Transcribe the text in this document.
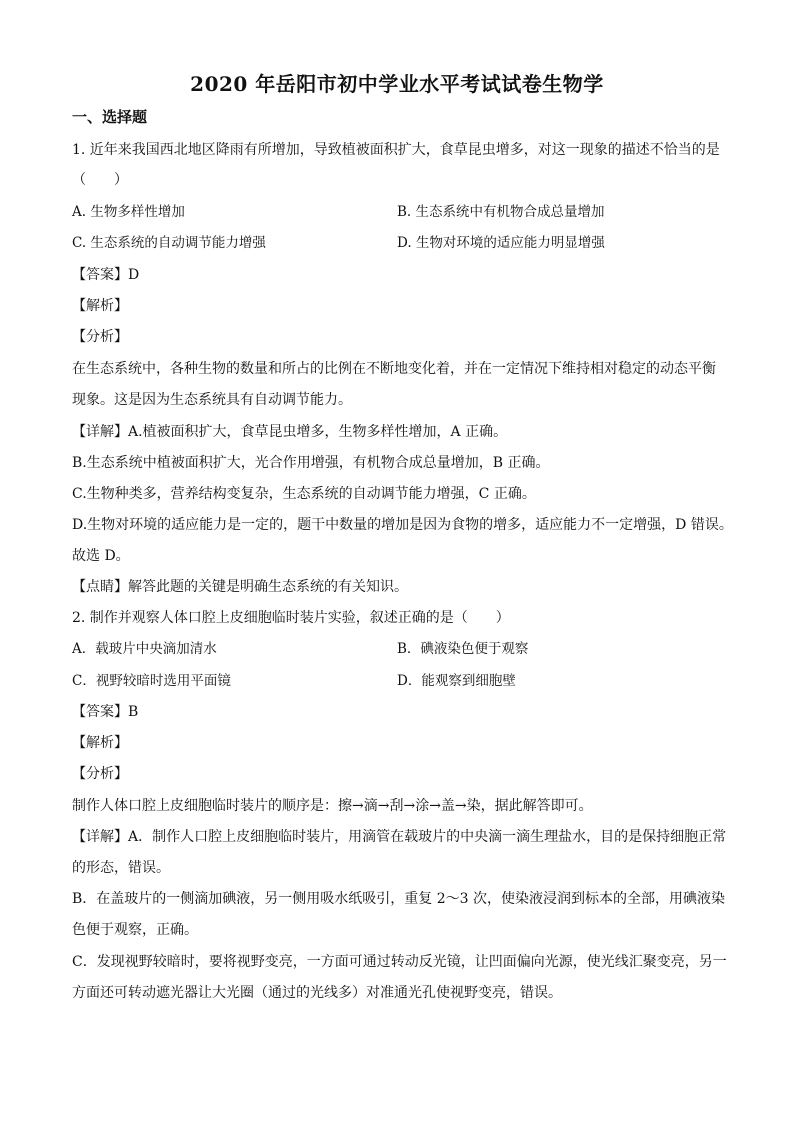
2020 年岳阳市初中学业水平考试试卷生物学
一、选择题
1. 近年来我国西北地区降雨有所增加，导致植被面积扩大，食草昆虫增多，对这一现象的描述不恰当的是
（　　）
A. 生物多样性增加	B. 生态系统中有机物合成总量增加
C. 生态系统的自动调节能力增强	D. 生物对环境的适应能力明显增强
【答案】D
【解析】
【分析】
在生态系统中，各种生物的数量和所占的比例在不断地变化着，并在一定情况下维持相对稳定的动态平衡
现象。这是因为生态系统具有自动调节能力。
【详解】A.植被面积扩大，食草昆虫增多，生物多样性增加，A 正确。
B.生态系统中植被面积扩大，光合作用增强，有机物合成总量增加，B 正确。
C.生物种类多，营养结构变复杂，生态系统的自动调节能力增强，C 正确。
D.生物对环境的适应能力是一定的，题干中数量的增加是因为食物的增多，适应能力不一定增强，D 错误。
故选 D。
【点睛】解答此题的关键是明确生态系统的有关知识。
2. 制作并观察人体口腔上皮细胞临时装片实验，叙述正确的是（　　）
A．载玻片中央滴加清水	B．碘液染色便于观察
C．视野较暗时选用平面镜	D．能观察到细胞壁
【答案】B
【解析】
【分析】
制作人体口腔上皮细胞临时装片的顺序是：擦→滴→刮→涂→盖→染，据此解答即可。
【详解】A．制作人口腔上皮细胞临时装片，用滴管在载玻片的中央滴一滴生理盐水，目的是保持细胞正常
的形态，错误。
B．在盖玻片的一侧滴加碘液，另一侧用吸水纸吸引，重复 2～3 次，使染液浸润到标本的全部，用碘液染
色便于观察，正确。
C．发现视野较暗时，要将视野变亮，一方面可通过转动反光镜，让凹面偏向光源，使光线汇聚变亮，另一
方面还可转动遮光器让大光圈（通过的光线多）对准通光孔使视野变亮，错误。
